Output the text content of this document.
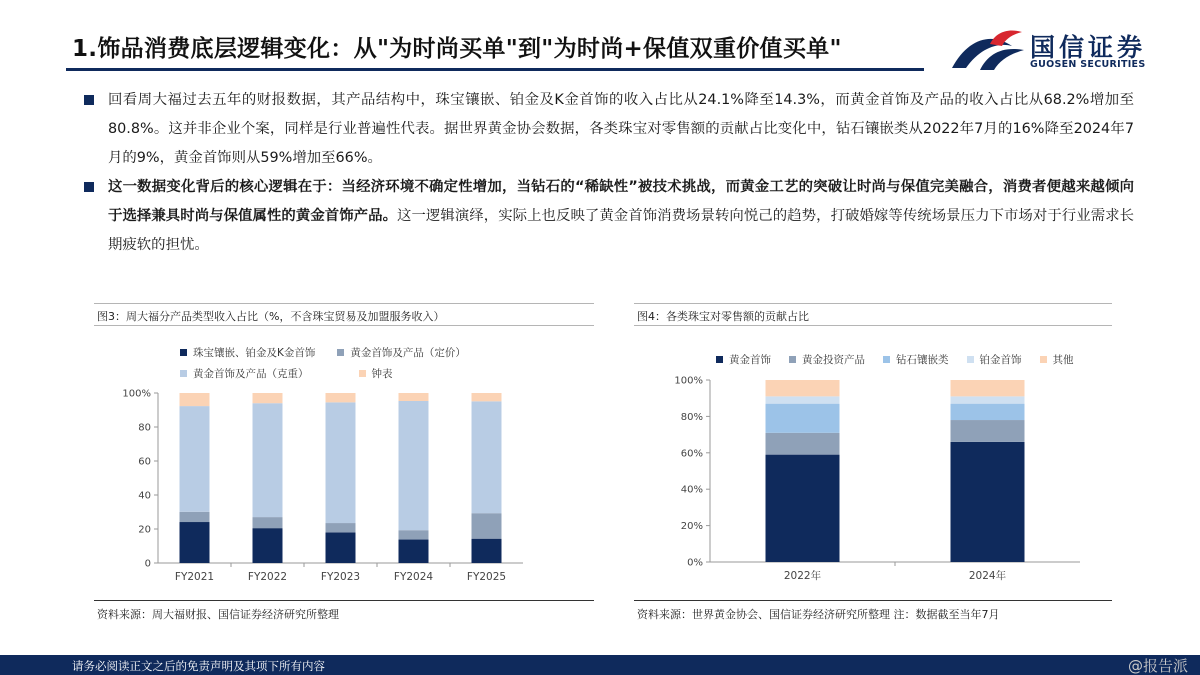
1.饰品消费底层逻辑变化：从"为时尚买单"到"为时尚+保值双重价值买单"	国信证券
GUOSEN SECURITIES
回看周大福过去五年的财报数据，其产品结构中，珠宝镶嵌、铂金及K金首饰的收入占比从24.1%降至14.3%，而黄金首饰及产品的收入占比从68.2%增加至80.8%。这并非企业个案，同样是行业普遍性代表。据世界黄金协会数据，各类珠宝对零售额的贡献占比变化中，钻石镶嵌类从2022年7月的16%降至2024年7月的9%，黄金首饰则从59%增加至66%。
这一数据变化背后的核心逻辑在于：当经济环境不确定性增加，当钻石的“稀缺性”被技术挑战，而黄金工艺的突破让时尚与保值完美融合，消费者便越来越倾向于选择兼具时尚与保值属性的黄金首饰产品。这一逻辑演绎，实际上也反映了黄金首饰消费场景转向悦己的趋势，打破婚嫁等传统场景压力下市场对于行业需求长期疲软的担忧。
图3：周大福分产品类型收入占比（%，不含珠宝贸易及加盟服务收入）
珠宝镶嵌、铂金及K金首饰	黄金首饰及产品（定价）
黄金首饰及产品（克重）	钟表
0
20
40
60
80
100%
FY2021	FY2022	FY2023	FY2024	FY2025
资料来源：周大福财报、国信证券经济研究所整理
图4：各类珠宝对零售额的贡献占比
黄金首饰	黄金投资产品	钻石镶嵌类	铂金首饰	其他
0%
20%
40%
60%
80%
100%
2022年	2024年
资料来源：世界黄金协会、国信证券经济研究所整理 注：数据截至当年7月
请务必阅读正文之后的免责声明及其项下所有内容	@报告派
